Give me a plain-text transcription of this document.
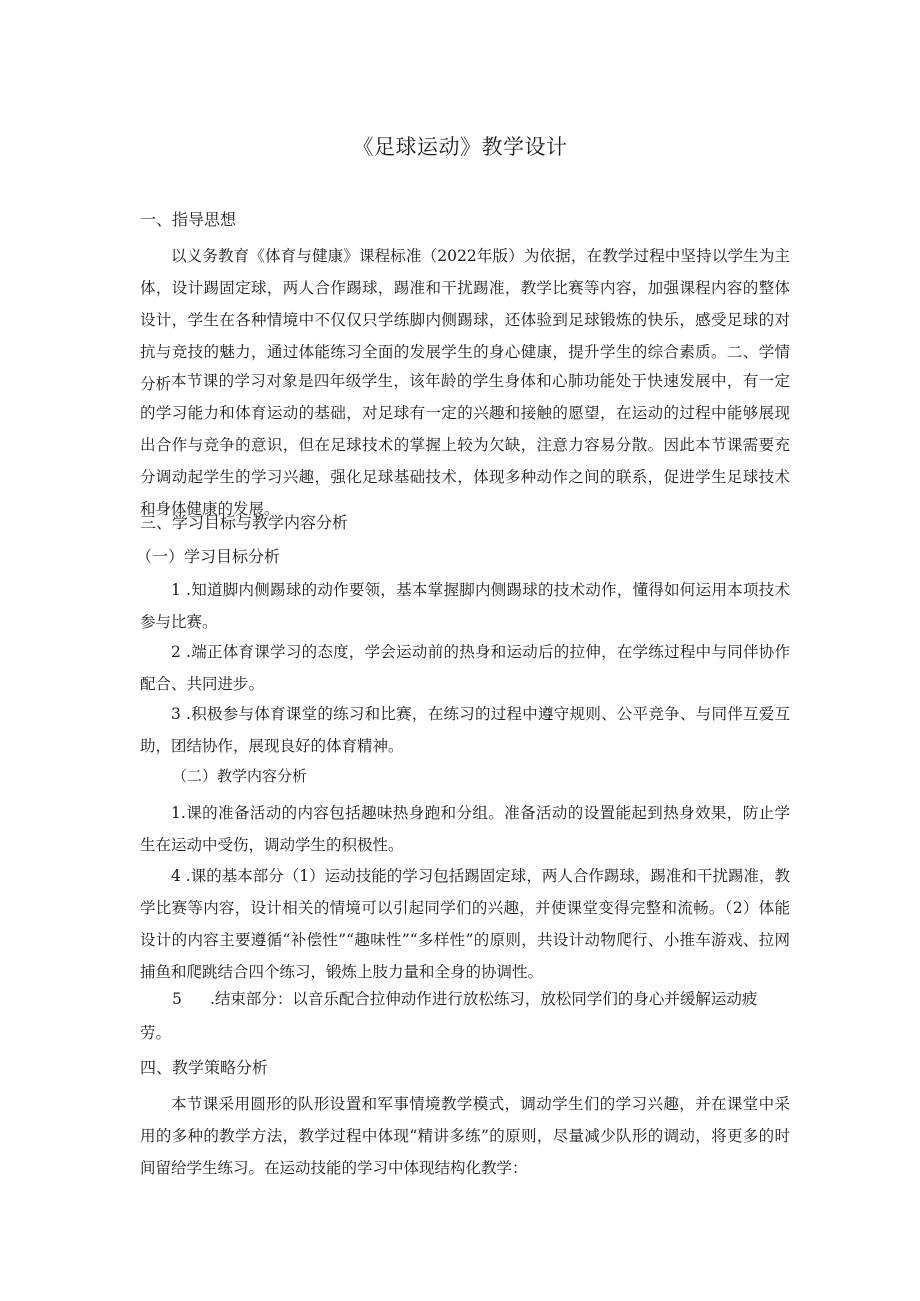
《足球运动》教学设计
一、指导思想
以义务教育《体育与健康》课程标准（2022年版）为依据，在教学过程中坚持以学生为主体，设计踢固定球，两人合作踢球，踢准和干扰踢准，教学比赛等内容，加强课程内容的整体设计，学生在各种情境中不仅仅只学练脚内侧踢球，还体验到足球锻炼的快乐，感受足球的对抗与竞技的魅力，通过体能练习全面的发展学生的身心健康，提升学生的综合素质。二、学情分析 本节课的学习对象是四年级学生，该年龄的学生身体和心肺功能处于快速发展中，有一定的学习能力和体育运动的基础，对足球有一定的兴趣和接触的愿望，在运动的过程中能够展现出合作与竞争的意识，但在足球技术的掌握上较为欠缺，注意力容易分散。因此本节课需要充分调动起学生的学习兴趣，强化足球基础技术，体现多种动作之间的联系，促进学生足球技术和身体健康的发展。
三、学习目标与教学内容分析
（一）学习目标分析
1 .知道脚内侧踢球的动作要领，基本掌握脚内侧踢球的技术动作，懂得如何运用本项技术参与比赛。
2 .端正体育课学习的态度，学会运动前的热身和运动后的拉伸，在学练过程中与同伴协作配合、共同进步。
3 .积极参与体育课堂的练习和比赛，在练习的过程中遵守规则、公平竞争、与同伴互爱互助，团结协作，展现良好的体育精神。
（二）教学内容分析
1.课的准备活动的内容包括趣味热身跑和分组。准备活动的设置能起到热身效果，防止学生在运动中受伤，调动学生的积极性。
4 .课的基本部分（1）运动技能的学习包括踢固定球，两人合作踢球，踢准和干扰踢准，教学比赛等内容，设计相关的情境可以引起同学们的兴趣，并使课堂变得完整和流畅。（2）体能设计的内容主要遵循“补偿性”“趣味性”“多样性”的原则，共设计动物爬行、小推车游戏、拉网捕鱼和爬跳结合四个练习，锻炼上肢力量和全身的协调性。
5 .结束部分：以音乐配合拉伸动作进行放松练习，放松同学们的身心并缓解运动疲
劳。
四、教学策略分析
本节课采用圆形的队形设置和军事情境教学模式，调动学生们的学习兴趣，并在课堂中采用的多种的教学方法，教学过程中体现“精讲多练”的原则，尽量减少队形的调动，将更多的时间留给学生练习。在运动技能的学习中体现结构化教学：
